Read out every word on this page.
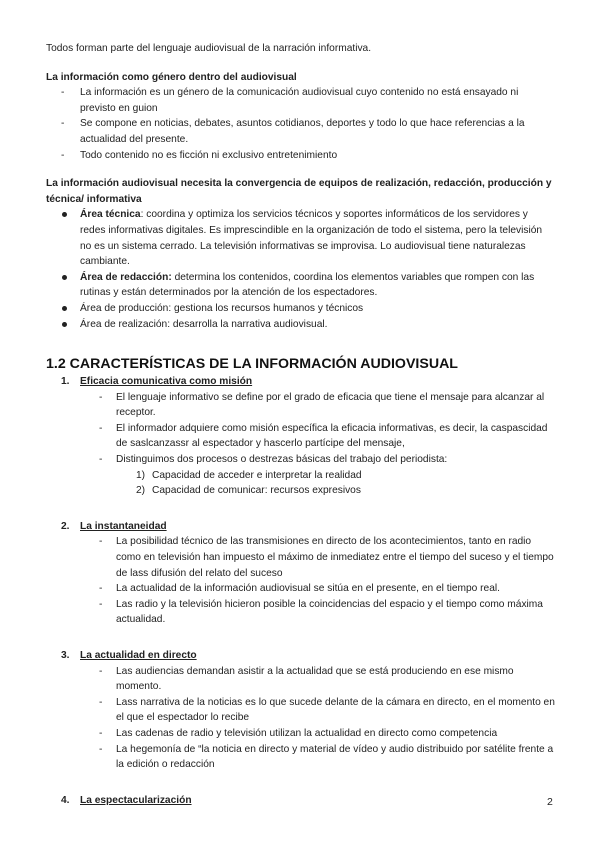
Todos forman parte del lenguaje audiovisual de la narración informativa.

La información como género dentro del audiovisual

- La información es un género de la comunicación audiovisual cuyo contenido no está ensayado ni previsto en guion
- Se compone en noticias, debates, asuntos cotidianos, deportes y todo lo que hace referencias a la actualidad del presente.
- Todo contenido no es ficción ni exclusivo entretenimiento

La información audiovisual necesita la convergencia de equipos de realización, redacción, producción y técnica/ informativa

Área técnica: coordina y optimiza los servicios técnicos y soportes informáticos de los servidores y redes informativas digitales. Es imprescindible en la organización de todo el sistema, pero la televisión no es un sistema cerrado. La televisión informativas se improvisa. Lo audiovisual tiene naturalezas cambiante.
Área de redacción: determina los contenidos, coordina los elementos variables que rompen con las rutinas y están determinados por la atención de los espectadores.
Área de producción: gestiona los recursos humanos y técnicos
Área de realización: desarrolla la narrativa audiovisual.
1.2 CARACTERÍSTICAS DE LA INFORMACIÓN AUDIOVISUAL
1. Eficacia comunicativa como misión
- El lenguaje informativo se define por el grado de eficacia que tiene el mensaje para alcanzar al receptor.
- El informador adquiere como misión específica la eficacia informativas, es decir, la caspascidad de saslcanzassr al espectador y hascerlo partícipe del mensaje,
- Distinguimos dos procesos o destrezas básicas del trabajo del periodista:
1) Capacidad de acceder e interpretar la realidad
2) Capacidad de comunicar: recursos expresivos
2. La instantaneidad
- La posibilidad técnico de las transmisiones en directo de los acontecimientos, tanto en radio como en televisión han impuesto el máximo de inmediatez entre el tiempo del suceso y el tiempo de lass difusión del relato del suceso
- La actualidad de la información audiovisual se sitúa en el presente, en el tiempo real.
- Las radio y la televisión hicieron posible la coincidencias del espacio y el tiempo como máxima actualidad.
3. La actualidad en directo
- Las audiencias demandan asistir a la actualidad que se está produciendo en ese mismo momento.
- Lass narrativa de la noticias es lo que sucede delante de la cámara en directo, en el momento en el que el espectador lo recibe
- Las cadenas de radio y televisión utilizan la actualidad en directo como competencia
- La hegemonía de “la noticia en directo y material de vídeo y audio distribuido por satélite frente a la edición o redacción
4. La espectacularización	2
